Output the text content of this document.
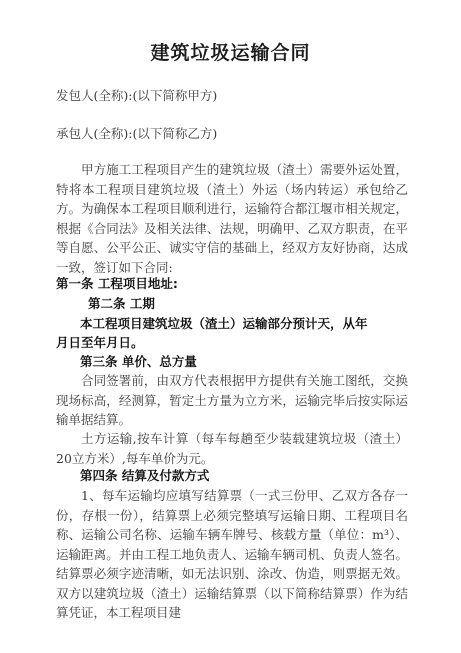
建筑垃圾运输合同
发包人(全称):(以下简称甲方)
承包人(全称):(以下简称乙方)
甲方施工工程项目产生的建筑垃圾（渣土）需要外运处置，特将本工程项目建筑垃圾（渣土）外运（场内转运）承包给乙方。为确保本工程项目顺利进行，运输符合都江堰市相关规定，根据《合同法》及相关法律、法规，明确甲、乙双方职责，在平等自愿、公平公正、诚实守信的基础上，经双方友好协商，达成一致，签订如下合同:
第一条 工程项目地址:
第二条 工期
本工程项目建筑垃圾（渣土）运输部分预计天，从年
月日至年月日。
第三条 单价、总方量
合同签署前，由双方代表根据甲方提供有关施工图纸，交换现场标高，经测算，暂定土方量为立方米，运输完毕后按实际运输单据结算。
土方运输,按车计算（每车每趟至少装载建筑垃圾（渣土）20立方米）,每车单价为元。
第四条 结算及付款方式
1、每车运输均应填写结算票（一式三份甲、乙双方各存一份，存根一份），结算票上必须完整填写运输日期、工程项目名称、运输公司名称、运输车辆车牌号、核载方量（单位：m³）、运输距离。并由工程工地负责人、运输车辆司机、负责人签名。结算票必须字迹清晰，如无法识别、涂改、伪造，则票据无效。双方以建筑垃圾（渣土）运输结算票（以下简称结算票）作为结算凭证，本工程项目建
